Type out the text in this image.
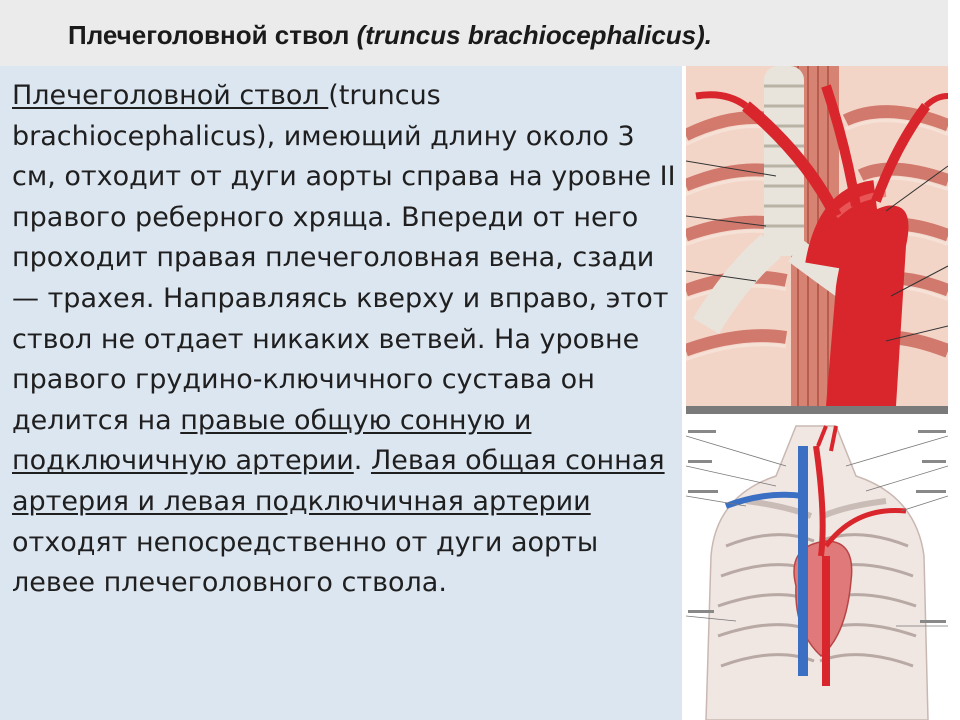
Плечеголовной ствол (truncus brachiocephalicus).
Плечеголовной ствол (truncus brachiocephalicus), имеющий длину около 3 см, отходит от дуги аорты справа на уровне II правого реберного хряща. Впереди от него проходит правая плечеголовная вена, сзади — трахея. Направляясь кверху и вправо, этот ствол не отдает никаких ветвей. На уровне правого грудино-ключичного сустава он делится на правые общую сонную и подключичную артерии. Левая общая сонная артерия и левая подключичная артерии отходят непосредственно от дуги аорты левее плечеголовного ствола.
